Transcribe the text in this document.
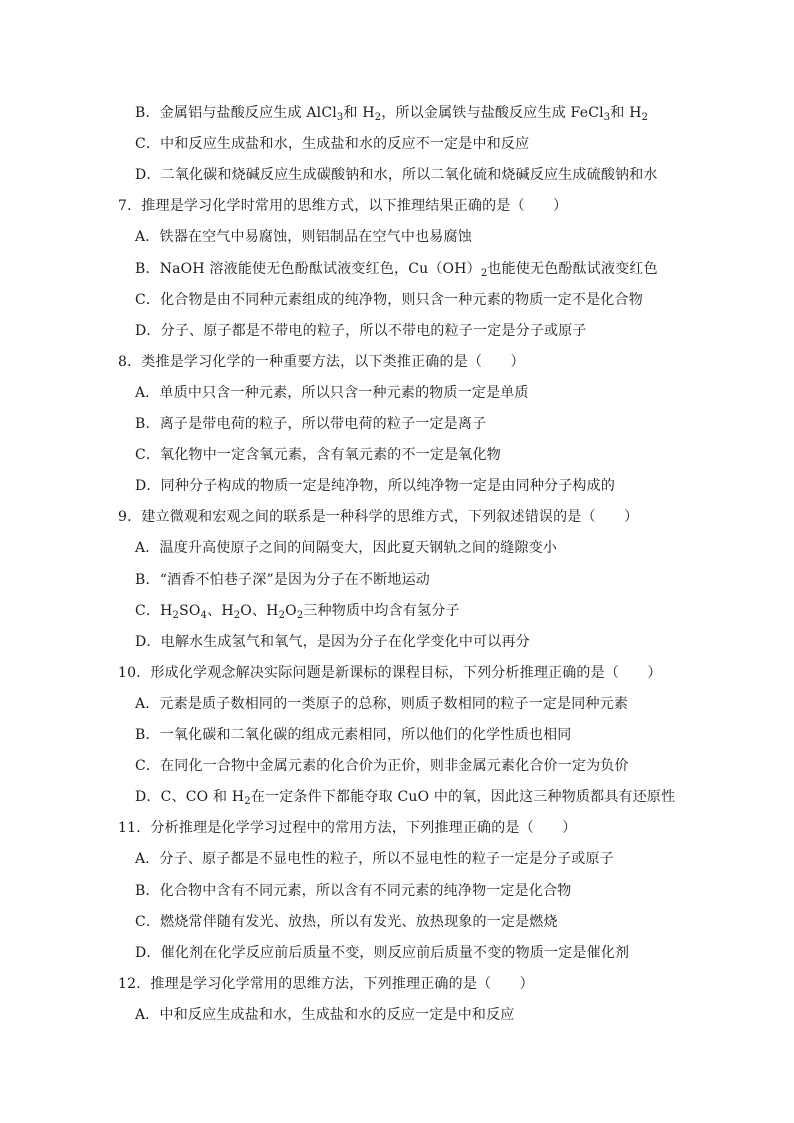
B．金属铝与盐酸反应生成 AlCl$_3$和 $H_2$，所以金属铁与盐酸反应生成 FeCl$_3$和 $H_2$
C．中和反应生成盐和水，生成盐和水的反应不一定是中和反应
D．二氧化碳和烧碱反应生成碳酸钠和水，所以二氧化硫和烧碱反应生成硫酸钠和水
7．推理是学习化学时常用的思维方式，以下推理结果正确的是（　　）
A．铁器在空气中易腐蚀，则铝制品在空气中也易腐蚀
B．NaOH 溶液能使无色酚酞试液变红色，$Cu(OH)_2$也能使无色酚酞试液变红色
C．化合物是由不同种元素组成的纯净物，则只含一种元素的物质一定不是化合物
D．分子、原子都是不带电的粒子，所以不带电的粒子一定是分子或原子
8．类推是学习化学的一种重要方法，以下类推正确的是（　　）
A．单质中只含一种元素，所以只含一种元素的物质一定是单质
B．离子是带电荷的粒子，所以带电荷的粒子一定是离子
C．氧化物中一定含氧元素，含有氧元素的不一定是氧化物
D．同种分子构成的物质一定是纯净物，所以纯净物一定是由同种分子构成的
9．建立微观和宏观之间的联系是一种科学的思维方式，下列叙述错误的是（　　）
A．温度升高使原子之间的间隔变大，因此夏天钢轨之间的缝隙变小
B．“酒香不怕巷子深”是因为分子在不断地运动
C．$H_2SO_4$、$H_2O$、$H_2O_2$三种物质中均含有氢分子
D．电解水生成氢气和氧气，是因为分子在化学变化中可以再分
10．形成化学观念解决实际问题是新课标的课程目标，下列分析推理正确的是（　　）
A．元素是质子数相同的一类原子的总称，则质子数相同的粒子一定是同种元素
B．一氧化碳和二氧化碳的组成元素相同，所以他们的化学性质也相同
C．在同化一合物中金属元素的化合价为正价，则非金属元素化合价一定为负价
D．C、CO 和 $H_2$在一定条件下都能夺取 CuO 中的氧，因此这三种物质都具有还原性
11．分析推理是化学学习过程中的常用方法，下列推理正确的是（　　）
A．分子、原子都是不显电性的粒子，所以不显电性的粒子一定是分子或原子
B．化合物中含有不同元素，所以含有不同元素的纯净物一定是化合物
C．燃烧常伴随有发光、放热，所以有发光、放热现象的一定是燃烧
D．催化剂在化学反应前后质量不变，则反应前后质量不变的物质一定是催化剂
12．推理是学习化学常用的思维方法，下列推理正确的是（　　）
A．中和反应生成盐和水，生成盐和水的反应一定是中和反应
